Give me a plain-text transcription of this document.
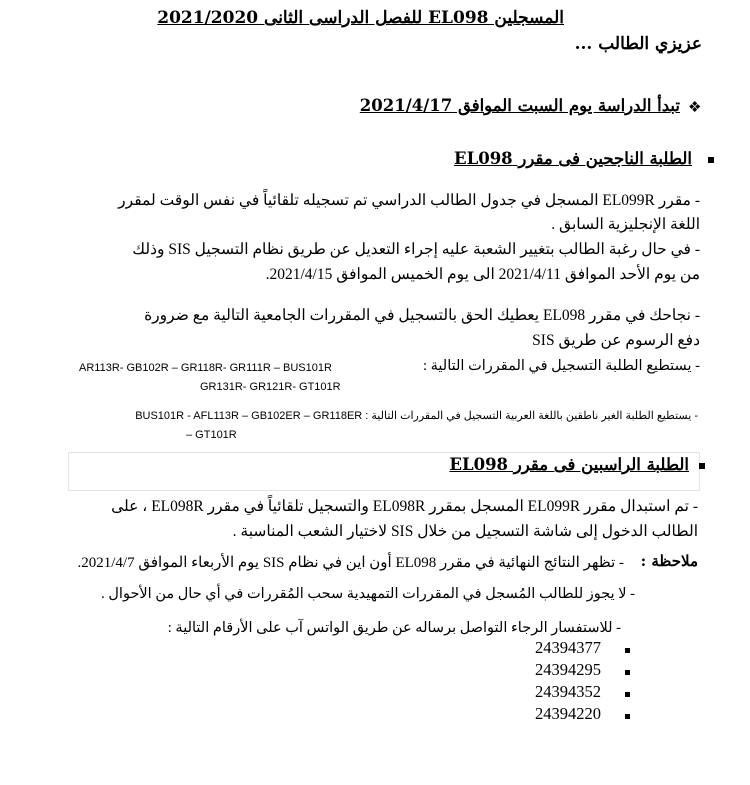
المسجلين EL098 للفصل الدراسى الثانى 2021/2020
عزيزي الطالب ...
❖
تبدأ الدراسة يوم السبت الموافق 2021/4/17
الطلبة الناجحين فى مقرر EL098
- مقرر EL099R المسجل في جدول الطالب الدراسي تم تسجيله تلقائياً في نفس الوقت لمقرر
اللغة الإنجليزية السابق .
- في حال رغبة الطالب بتغيير الشعبة عليه إجراء التعديل عن طريق نظام التسجيل SIS وذلك
من يوم الأحد الموافق 2021/4/11 الى يوم الخميس الموافق 2021/4/15.
- نجاحك في مقرر EL098 يعطيك الحق بالتسجيل في المقررات الجامعية التالية مع ضرورة
دفع الرسوم عن طريق SIS
- يستطيع الطلبة التسجيل في المقررات التالية :
AR113R- GB102R – GR118R- GR111R – BUS101R
GR131R- GR121R- GT101R
- يستطيع الطلبة الغير ناطقين باللغة العربية التسجيل في المقررات التالية : BUS101R - AFL113R – GB102ER – GR118ER
– GT101R
الطلبة الراسبين فى مقرر EL098
- تم استبدال مقرر EL099R المسجل بمقرر EL098R والتسجيل تلقائياً في مقرر EL098R ، على
الطالب الدخول إلى شاشة التسجيل من خلال SIS لاختيار الشعب المناسبة .
ملاحظة :
- تظهر النتائج النهائية في مقرر EL098 أون اين في نظام SIS يوم الأربعاء الموافق 2021/4/7.
- لا يجوز للطالب المُسجل في المقررات التمهيدية سحب المُقررات في أي حال من الأحوال .
- للاستفسار الرجاء التواصل برساله عن طريق الواتس آب على الأرقام التالية :
24394377
24394295
24394352
24394220
